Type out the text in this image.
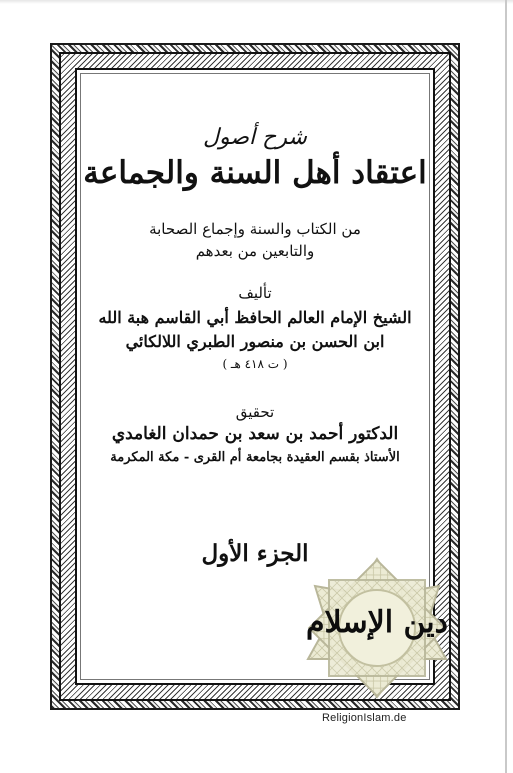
شرح أصول
اعتقاد أهل السنة والجماعة
من الكتاب والسنة وإجماع الصحابة
والتابعين من بعدهم
تأليف
الشيخ الإمام العالم الحافظ أبي القاسم هبة الله
ابن الحسن بن منصور الطبري اللالكائي
( ت ٤١٨ هـ )
تحقيق
الدكتور أحمد بن سعد بن حمدان الغامدي
الأستاذ بقسم العقيدة بجامعة أم القرى - مكة المكرمة
الجزء الأول
دين الإسلام
ReligionIslam.de
